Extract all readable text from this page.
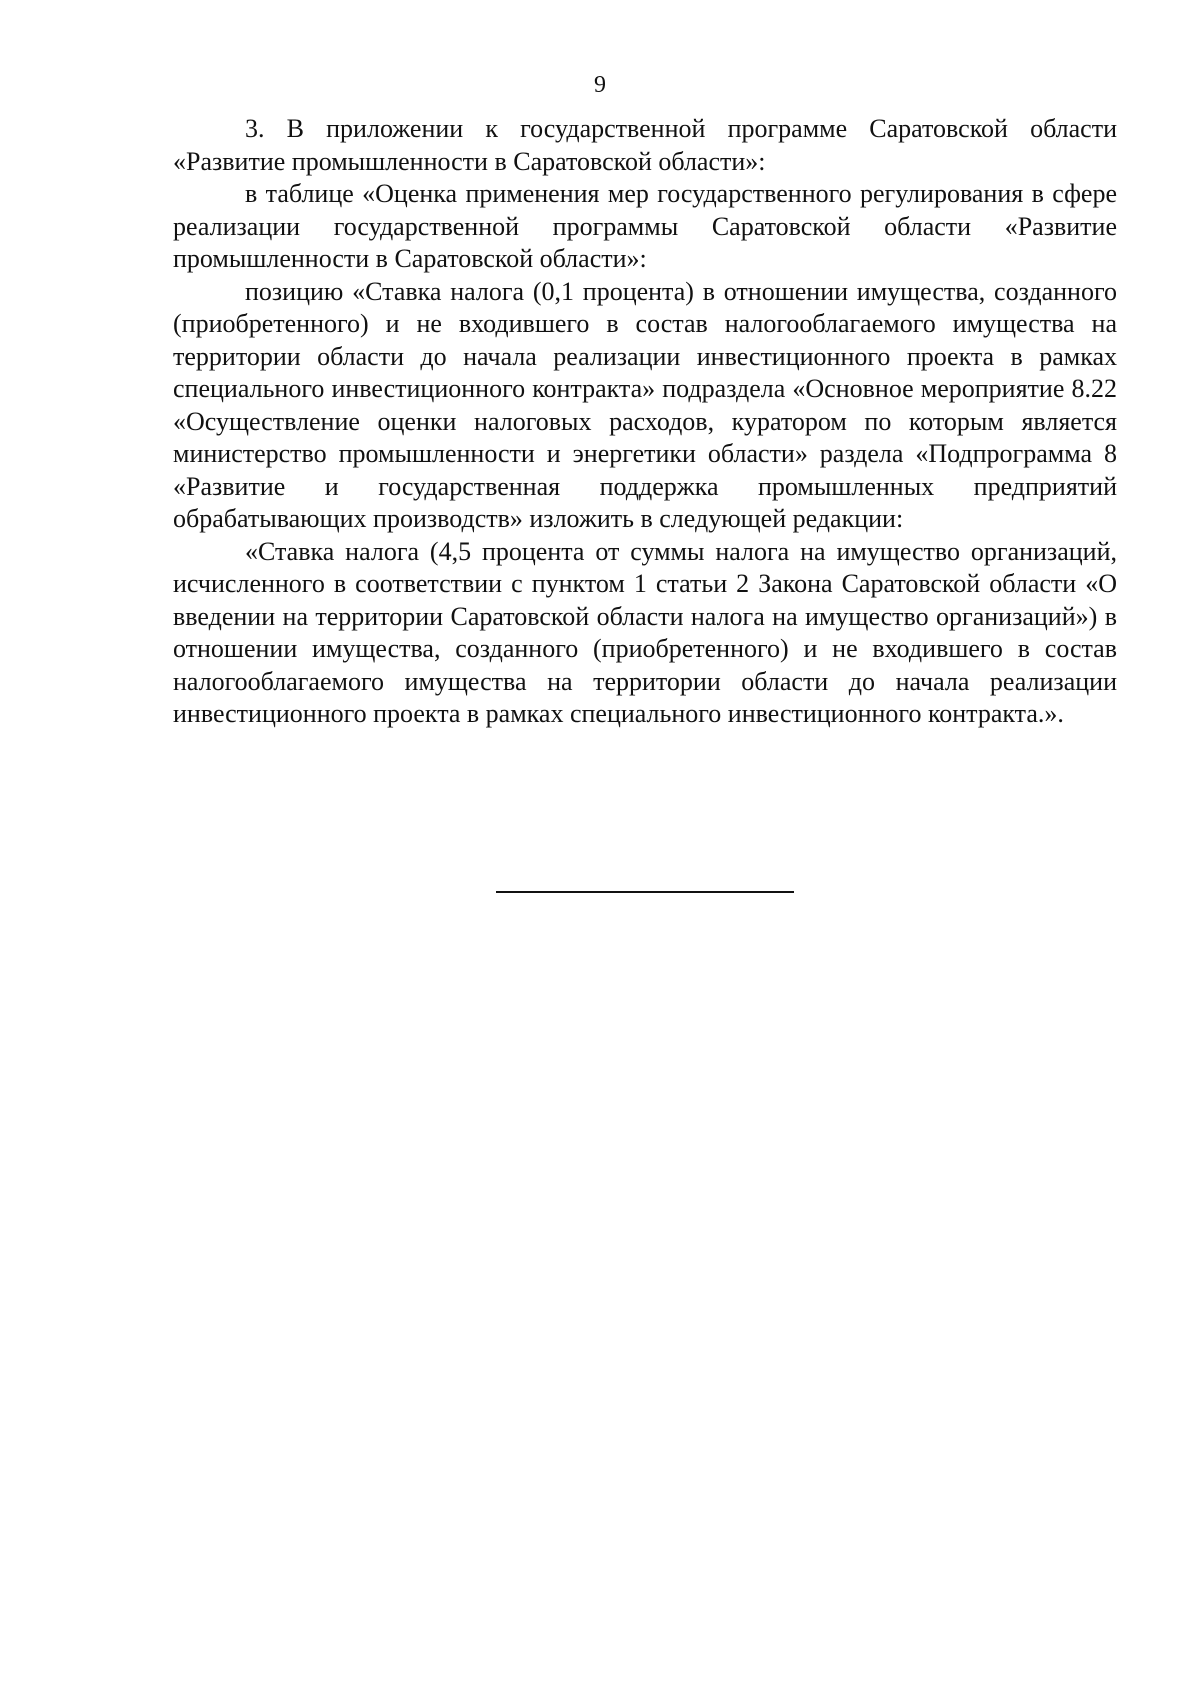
9

3. В приложении к государственной программе Саратовской области «Развитие промышленности в Саратовской области»:

в таблице «Оценка применения мер государственного регулирования в сфере реализации государственной программы Саратовской области «Развитие промышленности в Саратовской области»:

позицию «Ставка налога (0,1 процента) в отношении имущества, созданного (приобретенного) и не входившего в состав налогооблагаемого имущества на территории области до начала реализации инвестиционного проекта в рамках специального инвестиционного контракта» подраздела «Основное мероприятие 8.22 «Осуществление оценки налоговых расходов, куратором по которым является министерство промышленности и энергетики области» раздела «Подпрограмма 8 «Развитие и государственная поддержка промышленных предприятий обрабатывающих производств» изложить в следующей редакции:

«Ставка налога (4,5 процента от суммы налога на имущество организаций, исчисленного в соответствии с пунктом 1 статьи 2 Закона Саратовской области «О введении на территории Саратовской области налога на имущество организаций») в отношении имущества, созданного (приобретенного) и не входившего в состав налогооблагаемого имущества на территории области до начала реализации инвестиционного проекта в рамках специального инвестиционного контракта.».
